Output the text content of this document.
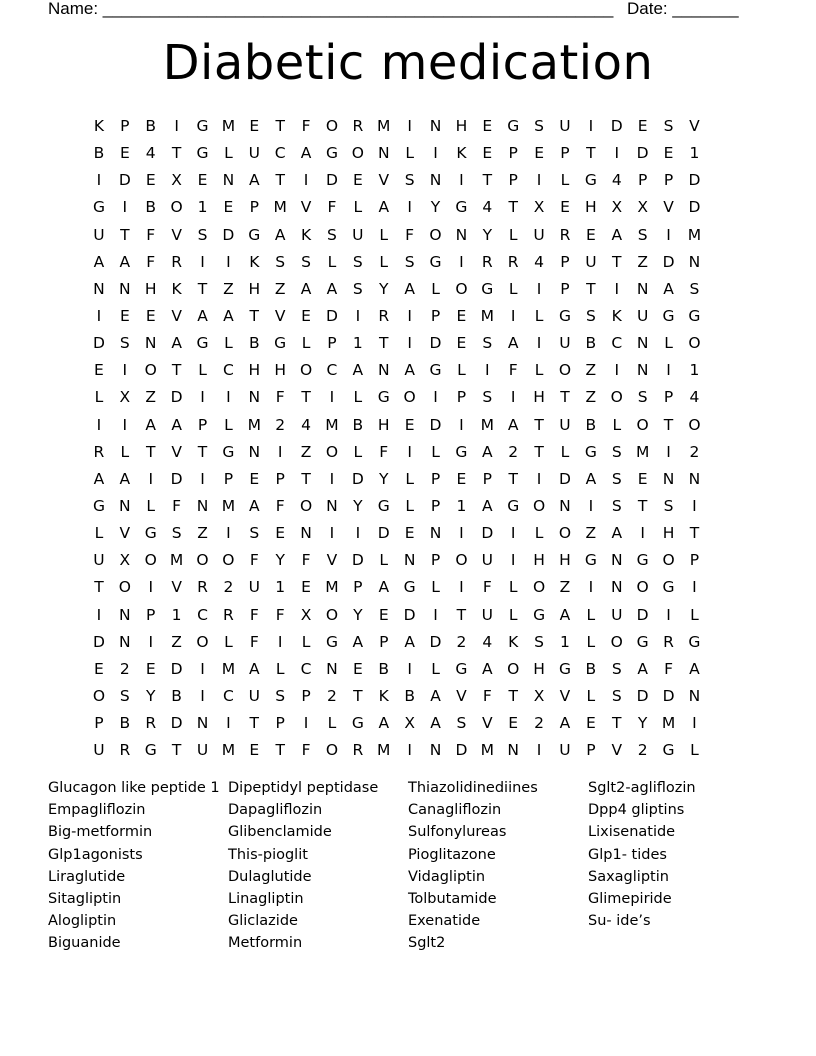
Name: ______________________________________________________ Date: _______
Diabetic medication
K	P	B	I	G M E	T	F O R M	I	N H E G S U	I	D E	S	V
B	E	4	T G	L	U C A G O N	L	I	K	E	P	E	P	T	I	D E	1
I	D E	X	E N A	T	I	D E	V	S N	I	T	P	I	L	G 4	P	P D
G	I	B O 1	E	P M V	F	L	A	I	Y G 4	T	X	E H X X V D
U T	F	V	S D G A	K	S U	L	F O N Y	L	U R	E	A	S	I	M
A A	F	R	I	I	K	S	S	L	S	L	S G	I	R R	4	P	U T	Z D N
N N H K	T	Z H Z A A	S	Y	A	L O G	L	I	P	T	I	N A	S
I	E	E	V A A	T	V	E D	I	R	I	P	E M	I	L	G S	K U G G
D S N A G	L	B G	L	P	1	T	I	D E	S	A	I	U B C N	L O
E	I	O T	L	C H H O C A N A G	L	I	F	L O Z	I	N	I	1
L	X Z D	I	I	N	F	T	I	L	G O	I	P	S	I	H T	Z O S	P	4
I	I	A A	P	L M 2	4 M B H E D	I	M A	T U B	L O T O
R	L	T	V	T G N	I	Z O L	F	I	L	G A	2	T	L	G S M	I	2
A A	I	D	I	P	E	P	T	I	D Y	L	P	E	P	T	I	D A	S	E N N
G N	L	F	N M A	F O N Y G	L	P	1	A G O N	I	S	T	S	I
L	V G S	Z	I	S	E N	I	I	D E N	I	D	I	L O Z A	I	H T
U X O M O O F	Y	F	V D	L	N P O U	I	H H G N G O P
T O	I	V R	2 U 1	E M P	A G	L	I	F	L O Z	I	N O G	I
I	N P	1	C R	F	F	X O Y	E D	I	T U	L	G A	L	U D	I	L
D N	I	Z O L	F	I	L	G A	P	A D 2	4	K	S	1	L O G R G
E	2	E D	I	M A	L	C N E	B	I	L	G A O H G B	S	A	F	A
O S	Y	B	I	C U S	P	2	T	K B A V	F	T	X V	L	S D D N
P	B R D N	I	T	P	I	L	G A X A	S	V	E	2	A	E	T	Y M	I
U R G T U M E	T	F O R M	I	N D M N	I	U	P	V	2 G	L
Glucagon like peptide 1
Empagliflozin
Big-metformin
Glp1agonists
Liraglutide
Sitagliptin
Alogliptin
Biguanide
Dipeptidyl peptidase
Dapagliflozin
Glibenclamide
This-pioglit
Dulaglutide
Linagliptin
Gliclazide
Metformin
Thiazolidinediines
Canagliflozin
Sulfonylureas
Pioglitazone
Vidagliptin
Tolbutamide
Exenatide
Sglt2
Sglt2-agliflozin
Dpp4 gliptins
Lixisenatide
Glp1- tides
Saxagliptin
Glimepiride
Su- ide’s
